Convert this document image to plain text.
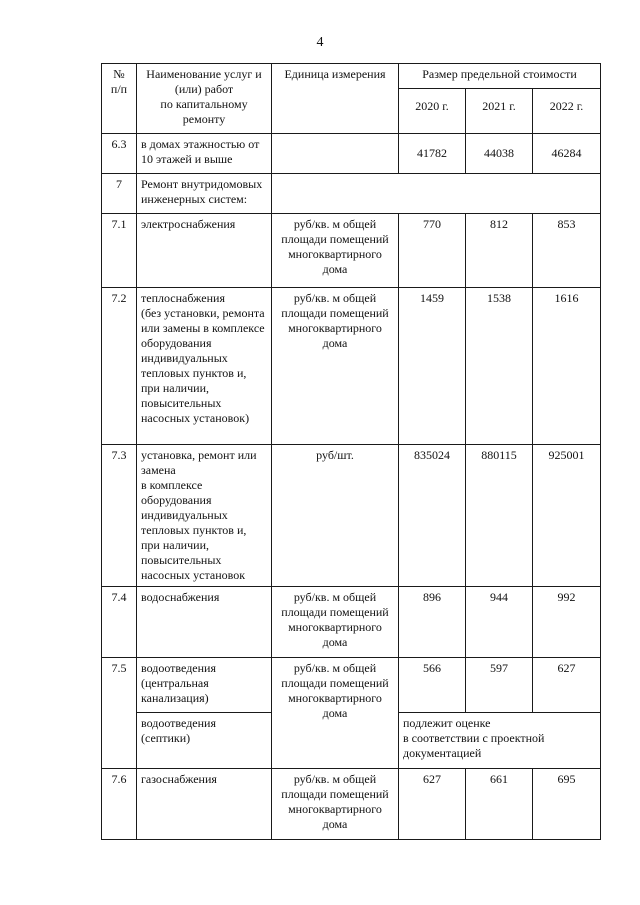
4
№
п/п	Наименование услуг и
(или) работ
по капитальному
ремонту	Единица измерения	Размер предельной стоимости		
			2020 г.	2021 г.	2022 г.
6.3	в домах этажностью от 10 этажей и выше		41782	44038	46284
7	Ремонт внутридомовых инженерных систем:				
7.1	электроснабжения	руб/кв. м общей площади помещений многоквартирного дома	770	812	853
7.2	теплоснабжения
(без установки, ремонта или замены в комплексе оборудования индивидуальных тепловых пунктов и, при наличии, повысительных насосных установок)	руб/кв. м общей площади помещений многоквартирного дома	1459	1538	1616
7.3	установка, ремонт или замена
в комплексе оборудования индивидуальных тепловых пунктов и, при наличии, повысительных насосных установок	руб/шт.	835024	880115	925001
7.4	водоснабжения	руб/кв. м общей площади помещений многоквартирного дома	896	944	992
7.5	водоотведения
(центральная канализация)	руб/кв. м общей площади помещений многоквартирного дома	566	597	627
	водоотведения
(септики)		подлежит оценке
в соответствии с проектной документацией		
7.6	газоснабжения	руб/кв. м общей площади помещений многоквартирного дома	627	661	695
